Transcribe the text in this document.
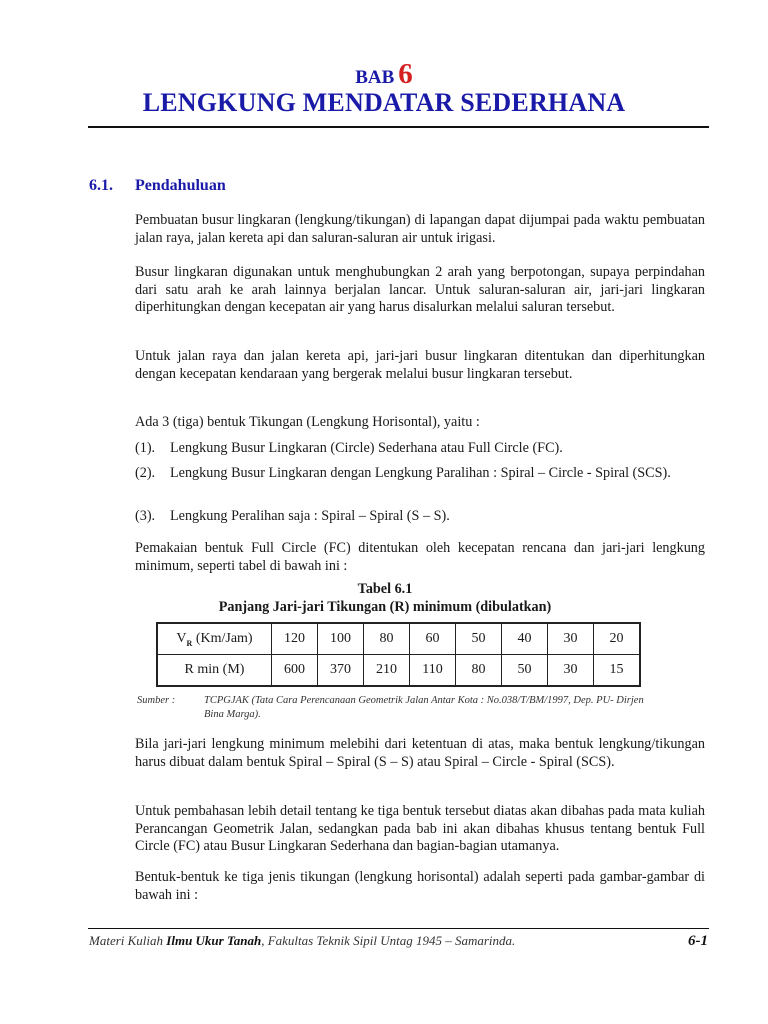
BAB 6
LENGKUNG MENDATAR SEDERHANA
6.1. Pendahuluan

Pembuatan busur lingkaran (lengkung/tikungan) di lapangan dapat dijumpai pada waktu pembuatan jalan raya, jalan kereta api dan saluran-saluran air untuk irigasi.

Busur lingkaran digunakan untuk menghubungkan 2 arah yang berpotongan, supaya perpindahan dari satu arah ke arah lainnya berjalan lancar. Untuk saluran-saluran air, jari-jari lingkaran diperhitungkan dengan kecepatan air yang harus disalurkan melalui saluran tersebut.

Untuk jalan raya dan jalan kereta api, jari-jari busur lingkaran ditentukan dan diperhitungkan dengan kecepatan kendaraan yang bergerak melalui busur lingkaran tersebut.

Ada 3 (tiga) bentuk Tikungan (Lengkung Horisontal), yaitu :

(1).	Lengkung Busur Lingkaran (Circle) Sederhana atau Full Circle (FC).
(2).	Lengkung Busur Lingkaran dengan Lengkung Paralihan : Spiral – Circle - Spiral (SCS).
(3).	Lengkung Peralihan saja : Spiral – Spiral (S – S).

Pemakaian bentuk Full Circle (FC) ditentukan oleh kecepatan rencana dan jari-jari lengkung minimum, seperti tabel di bawah ini :

Tabel 6.1
Panjang Jari-jari Tikungan (R) minimum (dibulatkan)
$V_R$ (Km/Jam)	120	100	80	60	50	40	30	20
R min (M)	600	370	210	110	80	50	30	15
Sumber :	TCPGJAK (Tata Cara Perencanaan Geometrik Jalan Antar Kota : No.038/T/BM/1997, Dep. PU- Dirjen
Bina Marga).

Bila jari-jari lengkung minimum melebihi dari ketentuan di atas, maka bentuk lengkung/tikungan harus dibuat dalam bentuk Spiral – Spiral (S – S) atau Spiral – Circle - Spiral (SCS).

Untuk pembahasan lebih detail tentang ke tiga bentuk tersebut diatas akan dibahas pada mata kuliah Perancangan Geometrik Jalan, sedangkan pada bab ini akan dibahas khusus tentang bentuk Full Circle (FC) atau Busur Lingkaran Sederhana dan bagian-bagian utamanya.

Bentuk-bentuk ke tiga jenis tikungan (lengkung horisontal) adalah seperti pada gambar-gambar di bawah ini :

Materi Kuliah Ilmu Ukur Tanah, Fakultas Teknik Sipil Untag 1945 – Samarinda.	6-1
